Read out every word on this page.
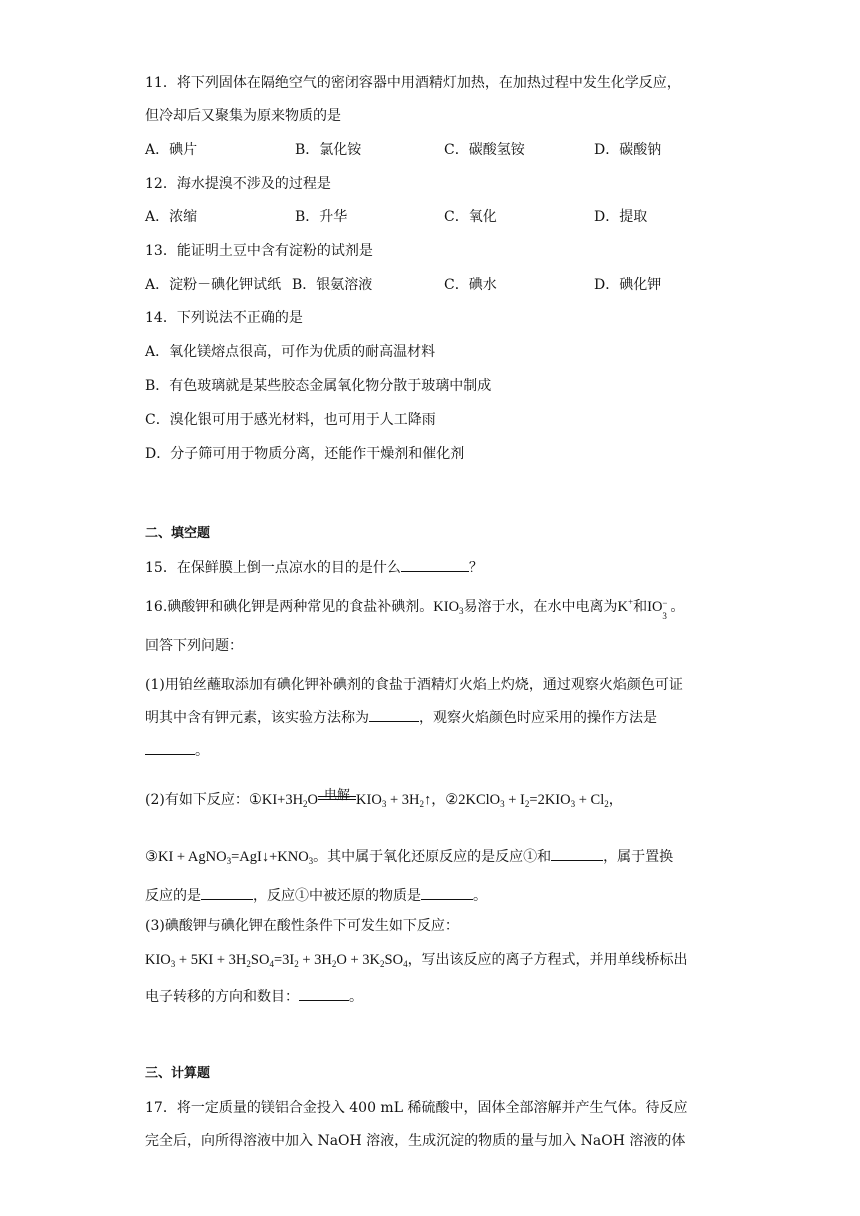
11．将下列固体在隔绝空气的密闭容器中用酒精灯加热，在加热过程中发生化学反应，
但冷却后又聚集为原来物质的是
A．碘片	B．氯化铵	C．碳酸氢铵	D．碳酸钠
12．海水提溴不涉及的过程是
A．浓缩	B．升华	C．氧化	D．提取
13．能证明土豆中含有淀粉的试剂是
A．淀粉－碘化钾试纸 B．银氨溶液	C．碘水	D．碘化钾
14．下列说法不正确的是
A．氧化镁熔点很高，可作为优质的耐高温材料
B．有色玻璃就是某些胶态金属氧化物分散于玻璃中制成
C．溴化银可用于感光材料，也可用于人工降雨
D．分子筛可用于物质分离，还能作干燥剂和催化剂
二、填空题
15．在保鲜膜上倒一点凉水的目的是什么	？
16.碘酸钾和碘化钾是两种常见的食盐补碘剂。$KIO_3$易溶于水，在水中电离为K+和IO −
3
。
回答下列问题：
(1)用铂丝蘸取添加有碘化钾补碘剂的食盐于酒精灯火焰上灼烧，通过观察火焰颜色可证
明其中含有钾元素，该实验方法称为	，观察火焰颜色时应采用的操作方法是
。
(2)有如下反应：$①KI+3H_2O$ 电解 $KIO_3$ + $3H_2↑$，②2KClO$_3$ + $I_2=2KIO_3 + Cl_2$，
③KI + $AgNO_3=AgI↓+KNO_3$。其中属于氧化还原反应的是反应①和	，属于置换
反应的是	，反应①中被还原的物质是	。
(3)碘酸钾与碘化钾在酸性条件下可发生如下反应：
$KIO_3 + 5KI + 3H_2SO_4=3I_2 + 3H_2O + 3K_2SO_4$，写出该反应的离子方程式，并用单线桥标出
电子转移的方向和数目：	。
三、计算题
17．将一定质量的镁铝合金投入 400 mL 稀硫酸中，固体全部溶解并产生气体。待反应
完全后，向所得溶液中加入 NaOH 溶液，生成沉淀的物质的量与加入 NaOH 溶液的体
